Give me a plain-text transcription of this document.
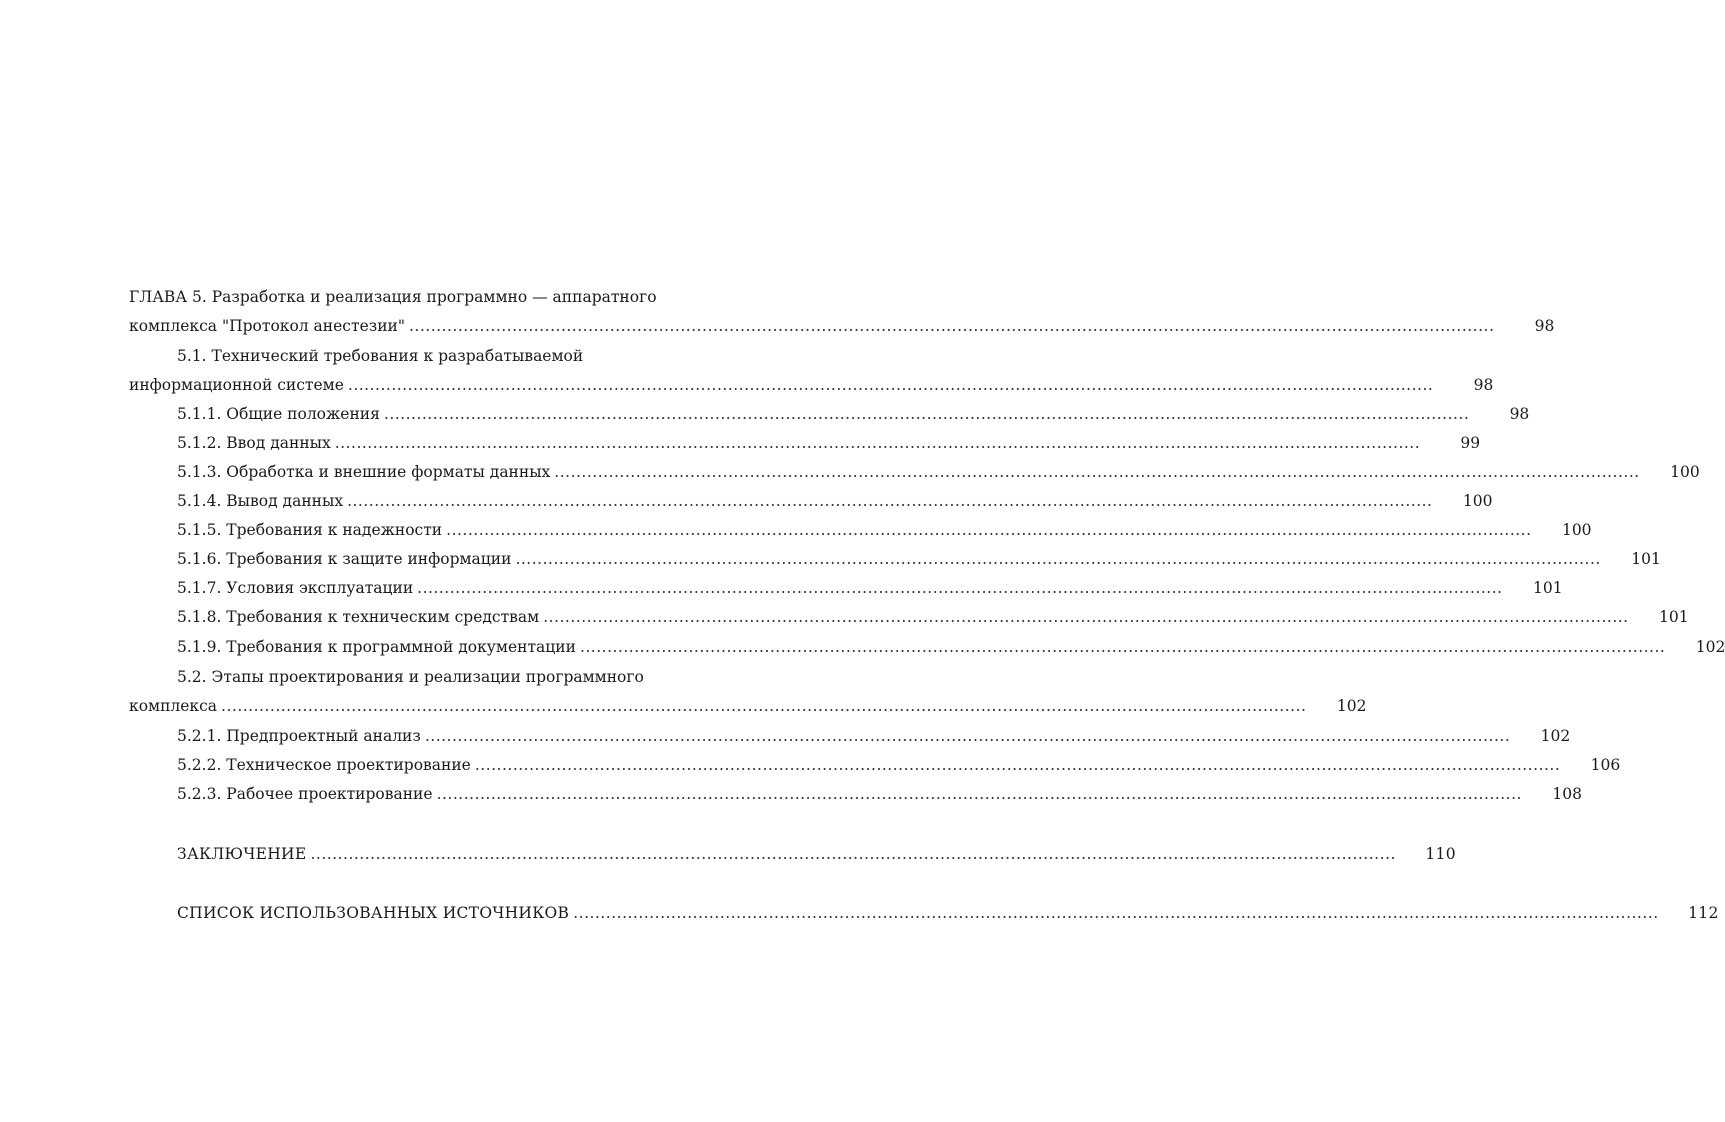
ГЛАВА 5. Разработка и реализация программно — аппаратного
комплекса "Протокол анестезии" ........................................................................................................................................................................................................	98
5.1. Технический требования к разрабатываемой
информационной системе ........................................................................................................................................................................................................	98
5.1.1. Общие положения ........................................................................................................................................................................................................	98
5.1.2. Ввод данных ........................................................................................................................................................................................................	99
5.1.3. Обработка и внешние форматы данных ........................................................................................................................................................................................................	100
5.1.4. Вывод данных ........................................................................................................................................................................................................	100
5.1.5. Требования к надежности ........................................................................................................................................................................................................	100
5.1.6. Требования к защите информации ........................................................................................................................................................................................................	101
5.1.7. Условия эксплуатации ........................................................................................................................................................................................................	101
5.1.8. Требования к техническим средствам ........................................................................................................................................................................................................	101
5.1.9. Требования к программной документации ........................................................................................................................................................................................................	102
5.2. Этапы проектирования и реализации программного
комплекса ........................................................................................................................................................................................................	102
5.2.1. Предпроектный анализ ........................................................................................................................................................................................................	102
5.2.2. Техническое проектирование ........................................................................................................................................................................................................	106
5.2.3. Рабочее проектирование ........................................................................................................................................................................................................	108
ЗАКЛЮЧЕНИЕ ........................................................................................................................................................................................................	110
СПИСОК ИСПОЛЬЗОВАННЫХ ИСТОЧНИКОВ ........................................................................................................................................................................................................	112
